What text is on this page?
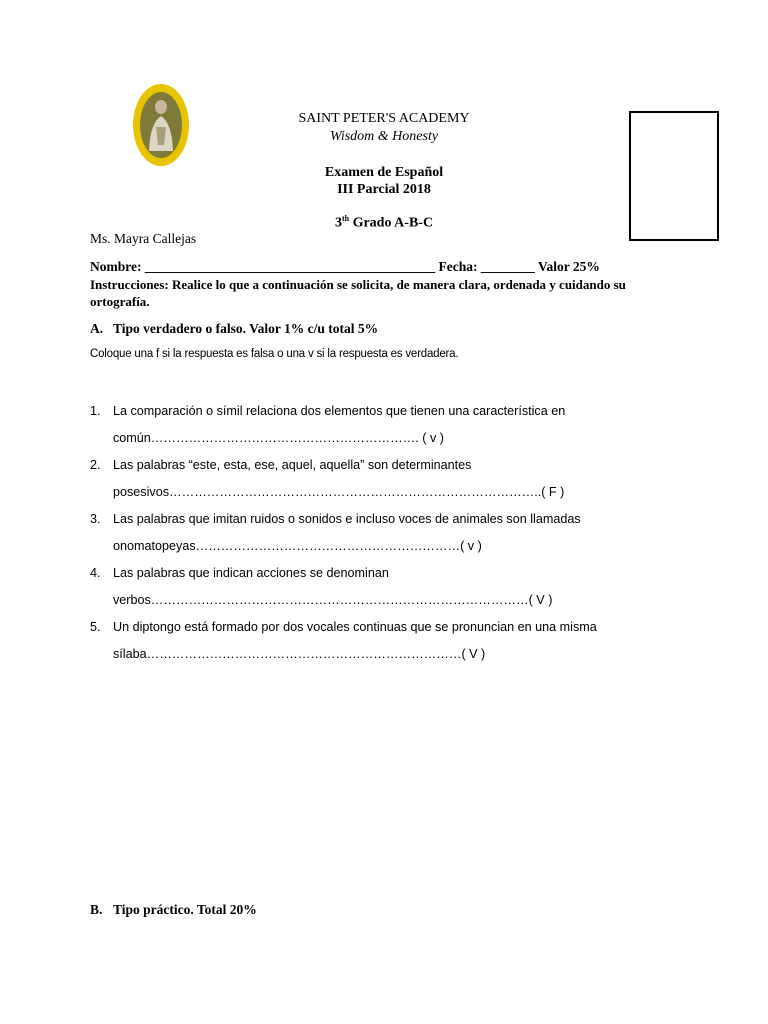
SAINT PETER'S ACADEMY
Wisdom & Honesty
Examen de Español
III Parcial 2018
3th Grado A-B-C
Ms. Mayra Callejas
Nombre: ___________________________________________ Fecha: ________ Valor 25%
Instrucciones: Realice lo que a continuación se solicita, de manera clara, ordenada y cuidando su ortografía.
A. Tipo verdadero o falso. Valor 1% c/u total 5%
Coloque una f si la respuesta es falsa o una v si la respuesta es verdadera.
1. La comparación o símil relaciona dos elementos que tienen una característica en
común………………………………………………………. ( v )
2. Las palabras “este, esta, ese, aquel, aquella” son determinantes
posesivos……………………………………………………………………………..( F )
3. Las palabras que imitan ruidos o sonidos e incluso voces de animales son llamadas
onomatopeyas………………………………………………………( v )
4. Las palabras que indican acciones se denominan
verbos………………………………………………………………………………( V )
5. Un diptongo está formado por dos vocales continuas que se pronuncian en una misma
sílaba…………………………………………………………………( V )
B. Tipo práctico. Total 20%
